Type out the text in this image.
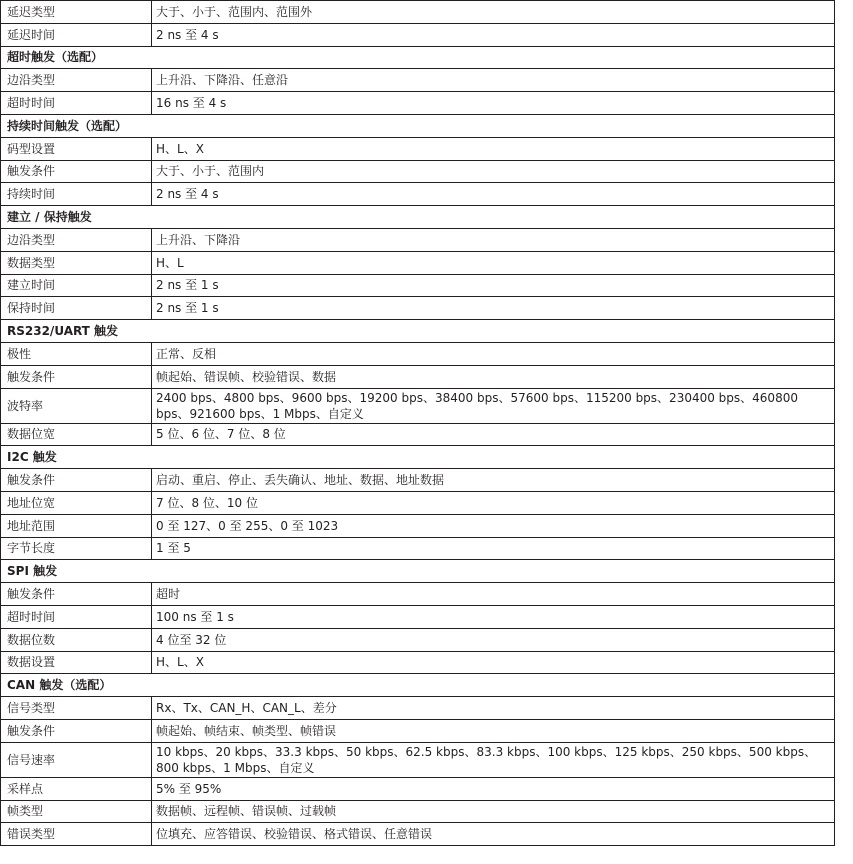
延迟类型	大于、小于、范围内、范围外
延迟时间	2 ns 至 4 s
超时触发（选配）	
边沿类型	上升沿、下降沿、任意沿
超时时间	16 ns 至 4 s
持续时间触发（选配）	
码型设置	H、L、X
触发条件	大于、小于、范围内
持续时间	2 ns 至 4 s
建立 / 保持触发	
边沿类型	上升沿、下降沿
数据类型	H、L
建立时间	2 ns 至 1 s
保持时间	2 ns 至 1 s
RS232/UART 触发	
极性	正常、反相
触发条件	帧起始、错误帧、校验错误、数据
波特率	2400 bps、4800 bps、9600 bps、19200 bps、38400 bps、57600 bps、115200 bps、230400 bps、460800 bps、921600 bps、1 Mbps、自定义
数据位宽	5 位、6 位、7 位、8 位
I2C 触发	
触发条件	启动、重启、停止、丢失确认、地址、数据、地址数据
地址位宽	7 位、8 位、10 位
地址范围	0 至 127、0 至 255、0 至 1023
字节长度	1 至 5
SPI 触发	
触发条件	超时
超时时间	100 ns 至 1 s
数据位数	4 位至 32 位
数据设置	H、L、X
CAN 触发（选配）	
信号类型	Rx、Tx、CAN_H、CAN_L、差分
触发条件	帧起始、帧结束、帧类型、帧错误
信号速率	10 kbps、20 kbps、33.3 kbps、50 kbps、62.5 kbps、83.3 kbps、100 kbps、125 kbps、250 kbps、500 kbps、800 kbps、1 Mbps、自定义
采样点	5% 至 95%
帧类型	数据帧、远程帧、错误帧、过载帧
错误类型	位填充、应答错误、校验错误、格式错误、任意错误
